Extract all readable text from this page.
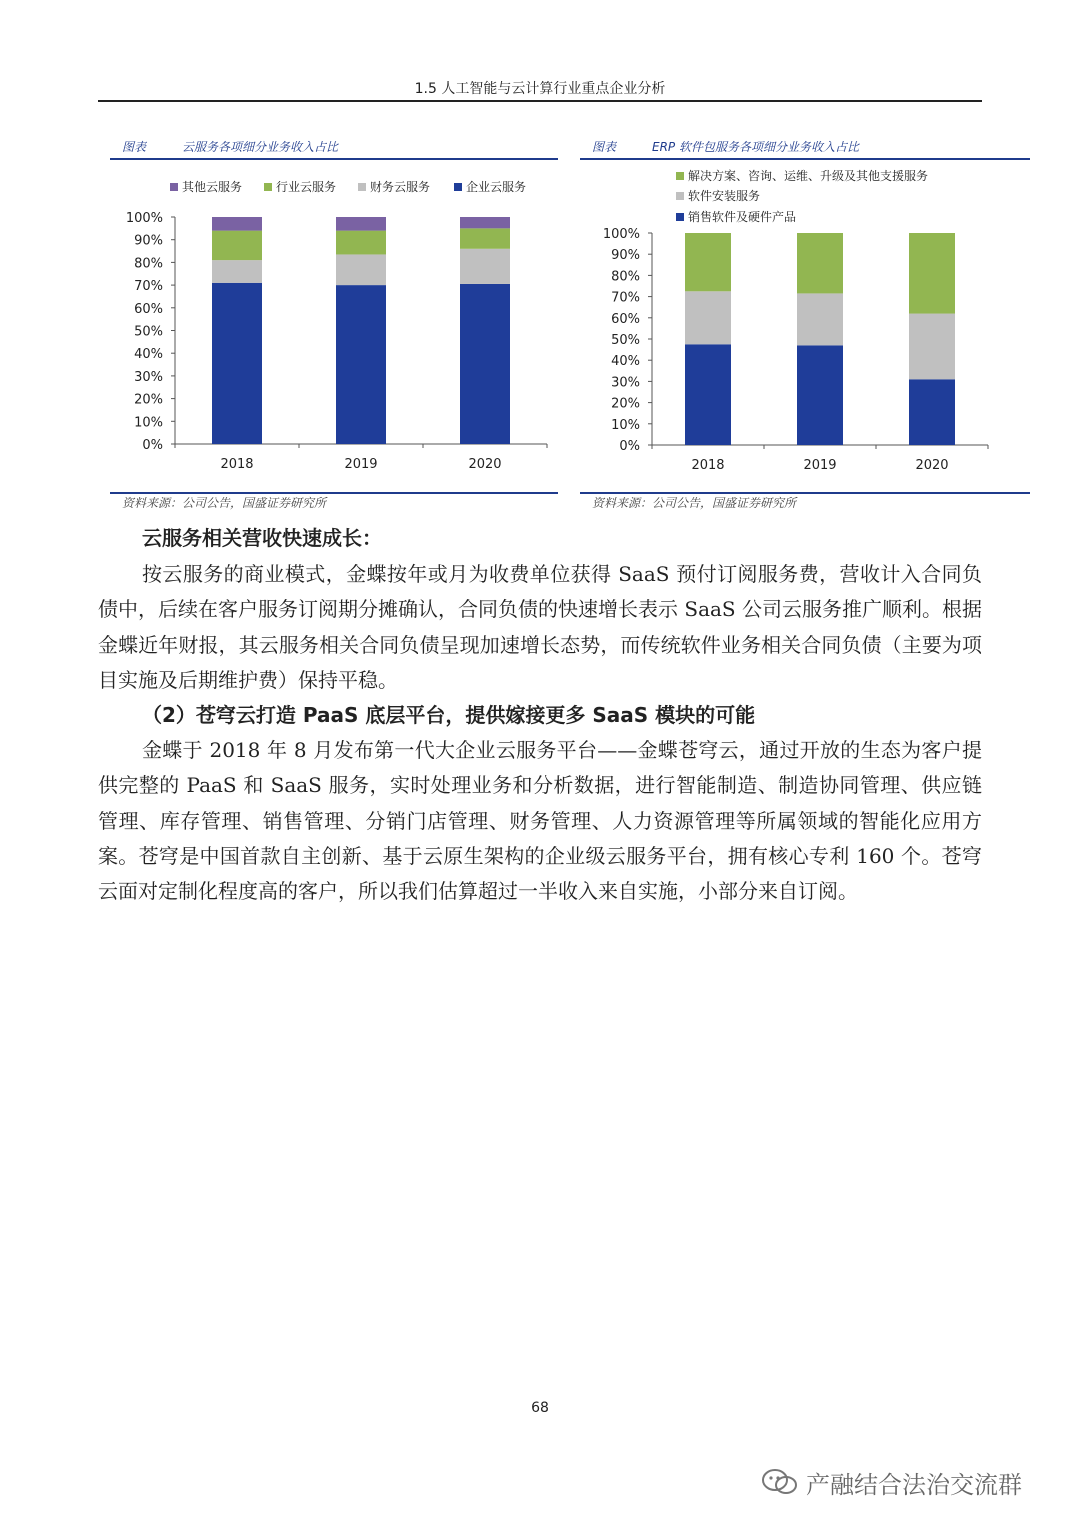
1.5 人工智能与云计算行业重点企业分析
图表	云服务各项细分业务收入占比
0%
10%
20%
30%
40%
50%
60%
70%
80%
90%
100%
2018	2019	2020
其他云服务	行业云服务	财务云服务	企业云服务
资料来源：公司公告，国盛证券研究所
图表	ERP 软件包服务各项细分业务收入占比
0%
10%
20%
30%
40%
50%
60%
70%
80%
90%
100%
2018	2019	2020
解决方案、咨询、运维、升级及其他支援服务
软件安装服务
销售软件及硬件产品
资料来源：公司公告，国盛证券研究所
云服务相关营收快速成长：

按云服务的商业模式，金蝶按年或月为收费单位获得 SaaS 预付订阅服务费，营收计入合同负债中，后续在客户服务订阅期分摊确认，合同负债的快速增长表示 SaaS 公司云服务推广顺利。根据金蝶近年财报，其云服务相关合同负债呈现加速增长态势，而传统软件业务相关合同负债（主要为项目实施及后期维护费）保持平稳。

（2）苍穹云打造 PaaS 底层平台，提供嫁接更多 SaaS 模块的可能

金蝶于 2018 年 8 月发布第一代大企业云服务平台——金蝶苍穹云，通过开放的生态为客户提供完整的 PaaS 和 SaaS 服务，实时处理业务和分析数据，进行智能制造、制造协同管理、供应链管理、库存管理、销售管理、分销门店管理、财务管理、人力资源管理等所属领域的智能化应用方案。苍穹是中国首款自主创新、基于云原生架构的企业级云服务平台，拥有核心专利 160 个。苍穹云面对定制化程度高的客户，所以我们估算超过一半收入来自实施，小部分来自订阅。

68
产融结合法治交流群
